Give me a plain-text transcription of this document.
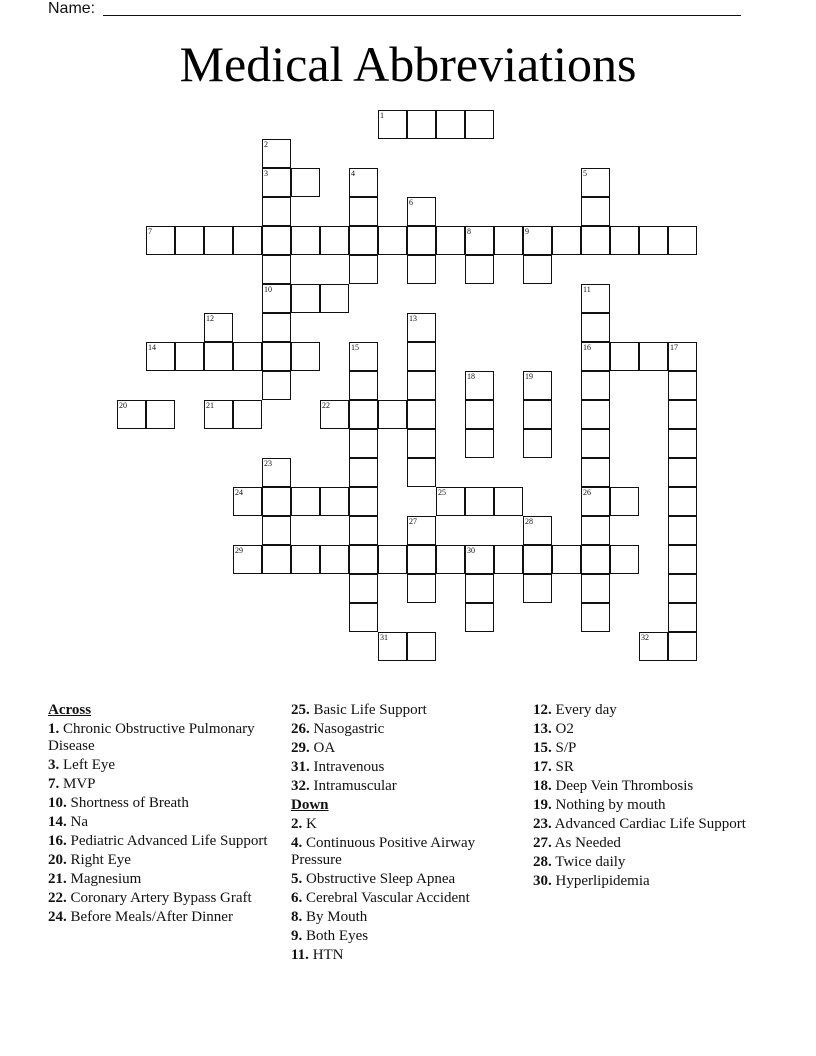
Name:
Medical Abbreviations
1
2
3	4	5
6
7	8	9
10	11
12	13
14	15	16	17
18	19
20	21	22
23
24	25	26
27	28
29	30
31	32
Across
1. Chronic Obstructive Pulmonary Disease
3. Left Eye
7. MVP
10. Shortness of Breath
14. Na
16. Pediatric Advanced Life Support
20. Right Eye
21. Magnesium
22. Coronary Artery Bypass Graft
24. Before Meals/After Dinner
25. Basic Life Support
26. Nasogastric
29. OA
31. Intravenous
32. Intramuscular
Down
2. K
4. Continuous Positive Airway Pressure
5. Obstructive Sleep Apnea
6. Cerebral Vascular Accident
8. By Mouth
9. Both Eyes
11. HTN
12. Every day
13. O2
15. S/P
17. SR
18. Deep Vein Thrombosis
19. Nothing by mouth
23. Advanced Cardiac Life Support
27. As Needed
28. Twice daily
30. Hyperlipidemia
